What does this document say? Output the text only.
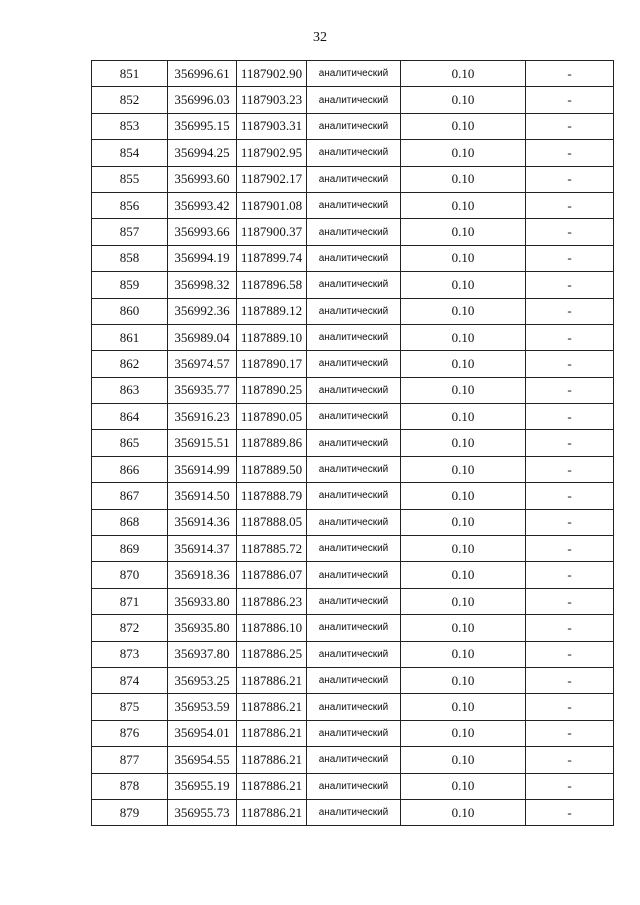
32
851	356996.61	1187902.90	аналитический	0.10	-
852	356996.03	1187903.23	аналитический	0.10	-
853	356995.15	1187903.31	аналитический	0.10	-
854	356994.25	1187902.95	аналитический	0.10	-
855	356993.60	1187902.17	аналитический	0.10	-
856	356993.42	1187901.08	аналитический	0.10	-
857	356993.66	1187900.37	аналитический	0.10	-
858	356994.19	1187899.74	аналитический	0.10	-
859	356998.32	1187896.58	аналитический	0.10	-
860	356992.36	1187889.12	аналитический	0.10	-
861	356989.04	1187889.10	аналитический	0.10	-
862	356974.57	1187890.17	аналитический	0.10	-
863	356935.77	1187890.25	аналитический	0.10	-
864	356916.23	1187890.05	аналитический	0.10	-
865	356915.51	1187889.86	аналитический	0.10	-
866	356914.99	1187889.50	аналитический	0.10	-
867	356914.50	1187888.79	аналитический	0.10	-
868	356914.36	1187888.05	аналитический	0.10	-
869	356914.37	1187885.72	аналитический	0.10	-
870	356918.36	1187886.07	аналитический	0.10	-
871	356933.80	1187886.23	аналитический	0.10	-
872	356935.80	1187886.10	аналитический	0.10	-
873	356937.80	1187886.25	аналитический	0.10	-
874	356953.25	1187886.21	аналитический	0.10	-
875	356953.59	1187886.21	аналитический	0.10	-
876	356954.01	1187886.21	аналитический	0.10	-
877	356954.55	1187886.21	аналитический	0.10	-
878	356955.19	1187886.21	аналитический	0.10	-
879	356955.73	1187886.21	аналитический	0.10	-
